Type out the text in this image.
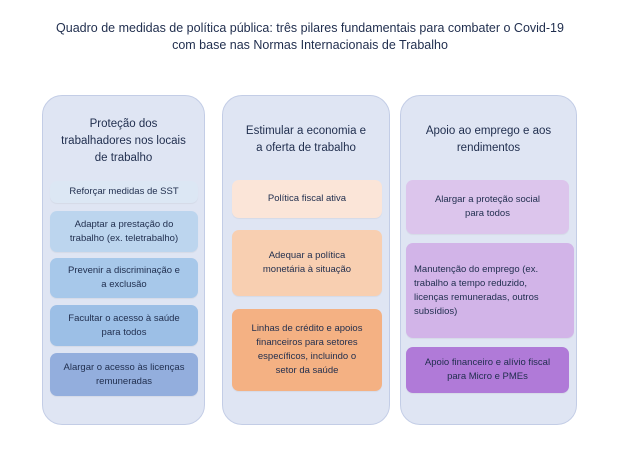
Quadro de medidas de política pública: três pilares fundamentais para combater o Covid-19
com base nas Normas Internacionais de Trabalho
Proteção dos
trabalhadores nos locais
de trabalho
Reforçar medidas de SST
Adaptar a prestação do
trabalho (ex. teletrabalho)
Prevenir a discriminação e
a exclusão
Facultar o acesso à saúde
para todos
Alargar o acesso às licenças
remuneradas
Estimular a economia e
a oferta de trabalho
Política fiscal ativa
Adequar a política
monetária à situação
Linhas de crédito e apoios
financeiros para setores
específicos, incluindo o
setor da saúde
Apoio ao emprego e aos
rendimentos
Alargar a proteção social
para todos
Manutenção do emprego (ex.
trabalho a tempo reduzido,
licenças remuneradas, outros
subsídios)
Apoio financeiro e alívio fiscal
para Micro e PMEs
